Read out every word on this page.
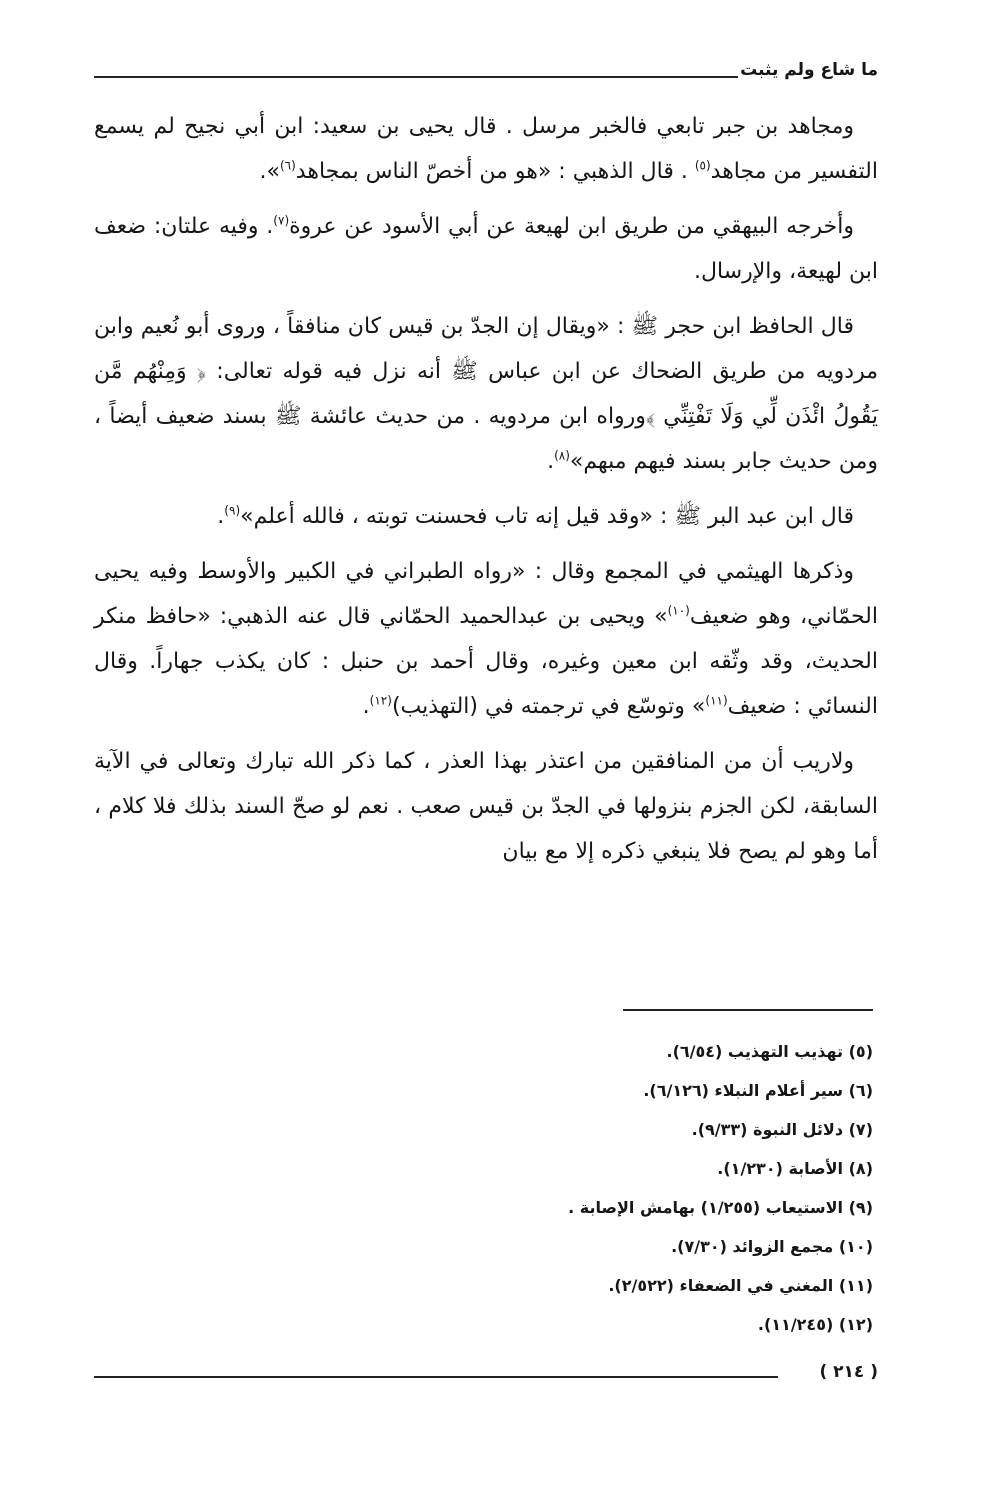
ما شاع ولم يثبت

ومجاهد بن جبر تابعي فالخبر مرسل . قال يحيى بن سعيد: ابن أبي نجيح لم يسمع التفسير من مجاهد$^{(٥)}$ . قال الذهبي : «هو من أخصّ الناس بمجاهد$^{(٦)}$».

وأخرجه البيهقي من طريق ابن لهيعة عن أبي الأسود عن عروة$^{(٧)}$. وفيه علتان: ضعف ابن لهيعة، والإرسال.

قال الحافظ ابن حجر ﷺ : «ويقال إن الجدّ بن قيس كان منافقاً ، وروى أبو نُعيم وابن مردويه من طريق الضحاك عن ابن عباس ﷺ أنه نزل فيه قوله تعالى: ﴿ وَمِنْهُم مَّن يَقُولُ ائْذَن لِّي وَلَا تَفْتِنِّي ﴾ورواه ابن مردويه . من حديث عائشة ﷺ بسند ضعيف أيضاً ، ومن حديث جابر بسند فيهم مبهم»$^{(٨)}$.

قال ابن عبد البر ﷺ : «وقد قيل إنه تاب فحسنت توبته ، فالله أعلم»$^{(٩)}$.

وذكرها الهيثمي في المجمع وقال : «رواه الطبراني في الكبير والأوسط وفيه يحيى الحمّاني، وهو ضعيف$^{(١٠)}$» ويحيى بن عبدالحميد الحمّاني قال عنه الذهبي: «حافظ منكر الحديث، وقد وثّقه ابن معين وغيره، وقال أحمد بن حنبل : كان يكذب جهاراً. وقال النسائي : ضعيف$^{(١١)}$» وتوسّع في ترجمته في (التهذيب)$^{(١٢)}$.

ولاريب أن من المنافقين من اعتذر بهذا العذر ، كما ذكر الله تبارك وتعالى في الآية السابقة، لكن الجزم بنزولها في الجدّ بن قيس صعب . نعم لو صحّ السند بذلك فلا كلام ، أما وهو لم يصح فلا ينبغي ذكره إلا مع بيان

(٥) تهذيب التهذيب (٦/٥٤).
(٦) سير أعلام النبلاء (٦/١٢٦).
(٧) دلائل النبوة (٩/٣٣).
(٨) الأصابة (١/٢٣٠).
(٩) الاستيعاب (١/٢٥٥) بهامش الإصابة .
(١٠) مجمع الزوائد (٧/٣٠).
(١١) المغني في الضعفاء (٢/٥٢٢).
(١٢) (١١/٢٤٥).
( ٢١٤ )
